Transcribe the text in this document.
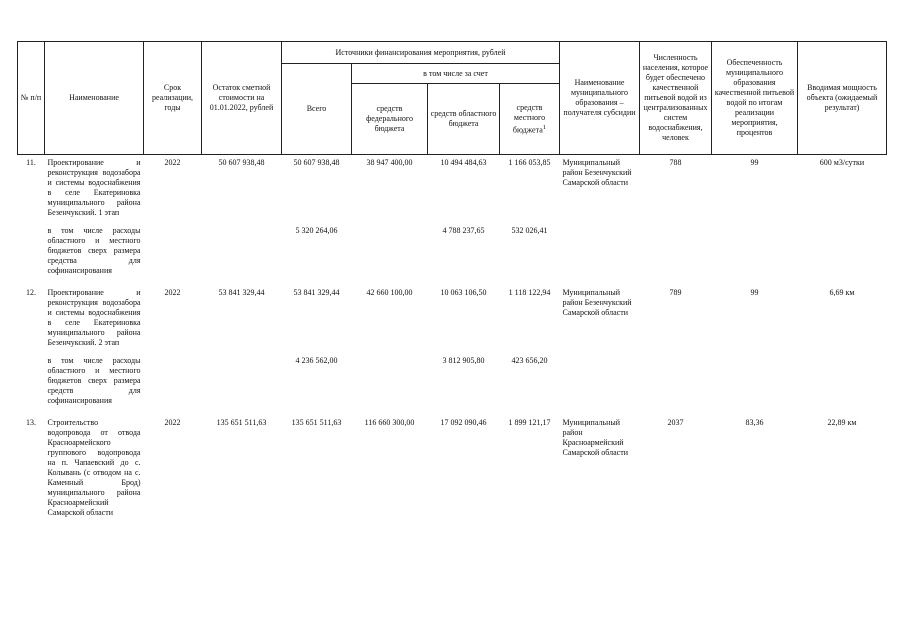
№ п/п	Наименование	Срок реализации, годы	Остаток сметной стоимости на 01.01.2022, рублей	Источники финансирования мероприятия, рублей				Наименование муниципального образования – получателя субсидии	Численность населения, которое будет обеспечено качественной питьевой водой из централизованных систем водоснабжения, человек	Обеспеченность муниципального образования качественной питьевой водой по итогам реализации мероприятия, процентов	Вводимая мощность объекта (ожидаемый результат)
				Всего	в том числе за счет						
					средств федерального бюджета	средств областного бюджета	средств местного бюджета$^1$
11.	Проектирование и реконструкция водозабора и системы водоснабжения в селе Екатериновка муниципального района Безенчукский. 1 этап	2022	50 607 938,48	50 607 938,48	38 947 400,00	10 494 484,63	1 166 053,85	Муниципальный район Безенчукский Самарской области	788	99	600 м3/сутки
	в том числе расходы областного и местного бюджетов сверх размера средства для софинансирования			5 320 264,06		4 788 237,65	532 026,41				
12.	Проектирование и реконструкция водозабора и системы водоснабжения в селе Екатериновка муниципального района Безенчукский. 2 этап	2022	53 841 329,44	53 841 329,44	42 660 100,00	10 063 106,50	1 118 122,94	Муниципальный район Безенчукский Самарской области	789	99	6,69 км
	в том числе расходы областного и местного бюджетов сверх размера средств для софинансирования			4 236 562,00		3 812 905,80	423 656,20				
13.	Строительство водопровода от отвода Красноармейского группового водопровода на п. Чапаевский до с. Колывань (с отводом на с. Каменный Брод) муниципального района Красноармейский Самарской области	2022	135 651 511,63	135 651 511,63	116 660 300,00	17 092 090,46	1 899 121,17	Муниципальный район Красноармейский Самарской области	2037	83,36	22,89 км
